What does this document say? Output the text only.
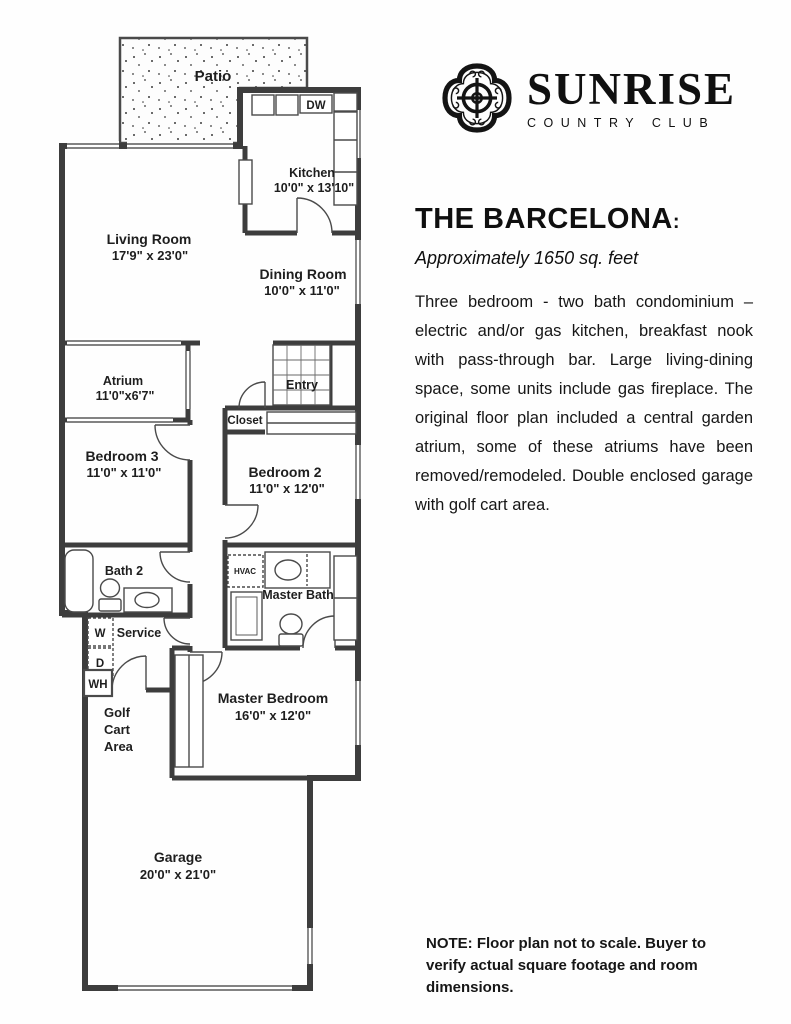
Patio
Kitchen
10'0" x 13'10"
Living Room
17'9" x 23'0"
Dining Room
10'0" x 11'0"
Atrium
11'0"x6'7"
Closet
Entry
Bedroom 3
11'0" x 11'0"	Bedroom 2
11'0" x 12'0"
Bath 2
Service
Master Bath
Master Bedroom
16'0" x 12'0"
Golf
Cart
Area
Garage
20'0" x 21'0"
DW
HVAC
W
D
WH
SUNRISE
COUNTRY CLUB
THE BARCELONA:
Approximately 1650 sq. feet
Three bedroom - two bath condominium – electric and/or gas kitchen, breakfast nook with pass-through bar. Large living-dining space, some units include gas fireplace. The original floor plan included a central garden atrium, some of these atriums have been removed/remodeled. Double enclosed garage with golf cart area.
NOTE: Floor plan not to scale. Buyer to verify actual square footage and room dimensions.
